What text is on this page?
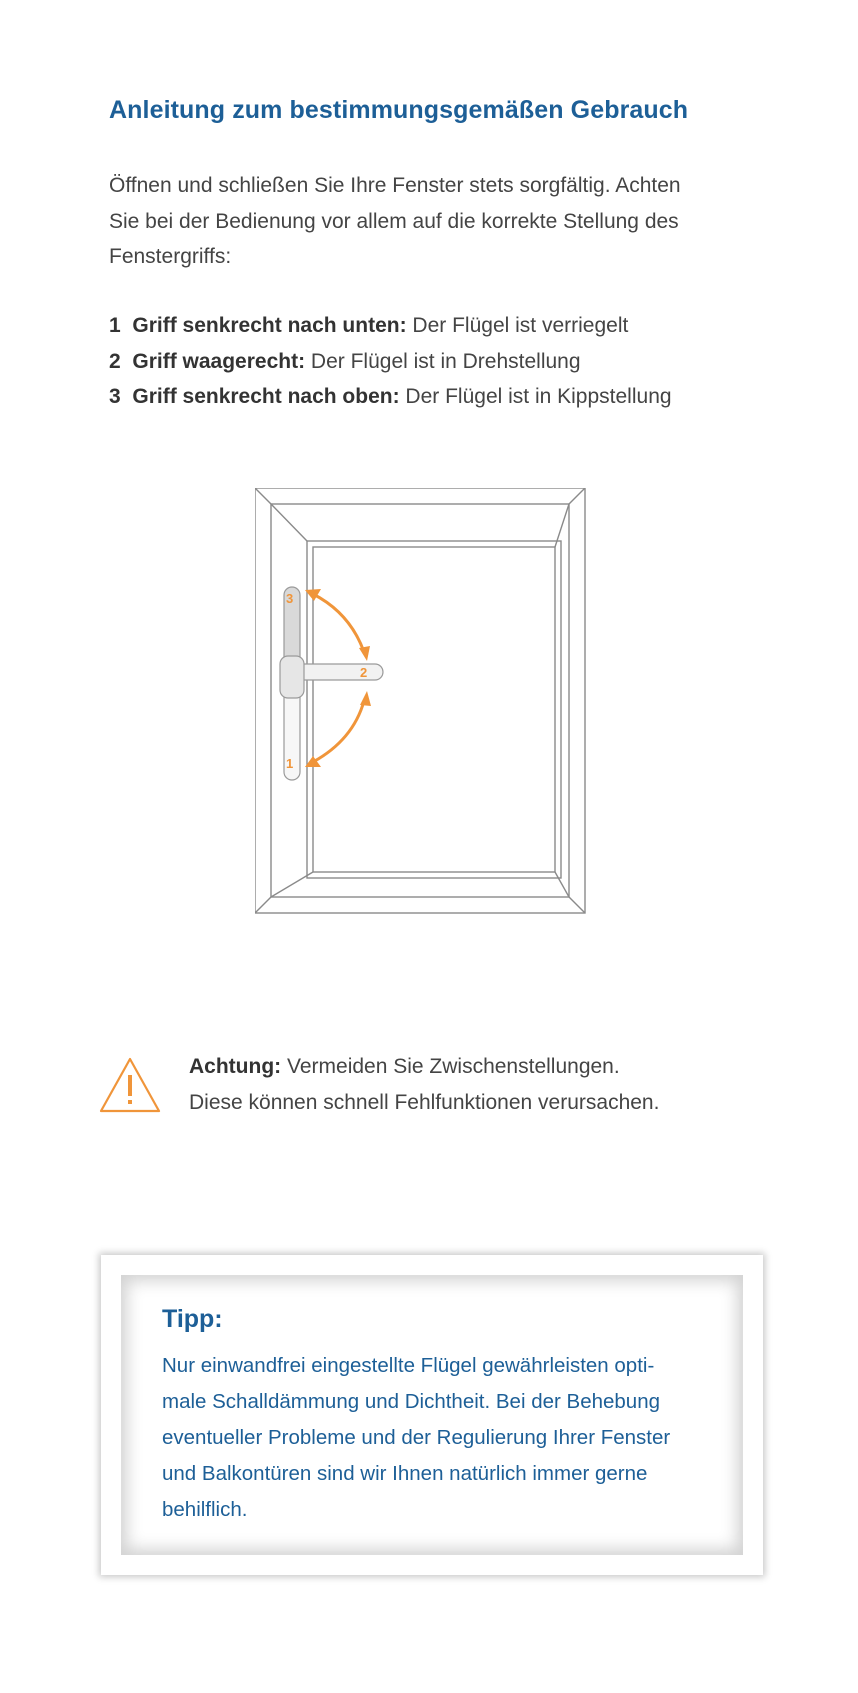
Anleitung zum bestimmungsgemäßen Gebrauch
Öffnen und schließen Sie Ihre Fenster stets sorgfältig. Achten
Sie bei der Bedienung vor allem auf die korrekte Stellung des
Fenstergriffs:
1 Griff senkrecht nach unten: Der Flügel ist verriegelt
2 Griff waagerecht: Der Flügel ist in Drehstellung
3 Griff senkrecht nach oben: Der Flügel ist in Kippstellung
3
2
1
Achtung: Vermeiden Sie Zwischenstellungen.
Diese können schnell Fehlfunktionen verursachen.
Tipp:
Nur einwandfrei eingestellte Flügel gewährleisten opti-
male Schalldämmung und Dichtheit. Bei der Behebung
eventueller Probleme und der Regulierung Ihrer Fenster
und Balkontüren sind wir Ihnen natürlich immer gerne
behilflich.
